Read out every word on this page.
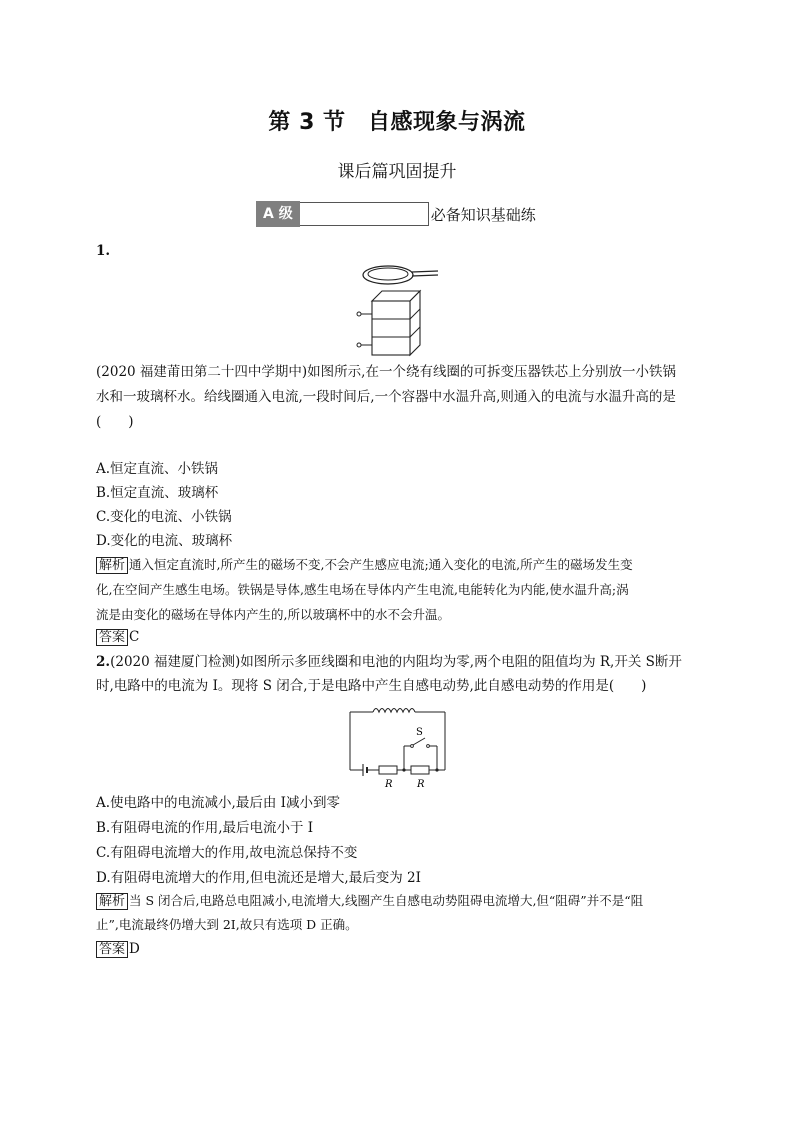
第 3 节　自感现象与涡流
课后篇巩固提升
A 级	必备知识基础练
1.
(2020 福建莆田第二十四中学期中)如图所示,在一个绕有线圈的可拆变压器铁芯上分别放一小铁锅
水和一玻璃杯水。给线圈通入电流,一段时间后,一个容器中水温升高,则通入的电流与水温升高的是
(　　)
A.恒定直流、小铁锅
B.恒定直流、玻璃杯
C.变化的电流、小铁锅
D.变化的电流、玻璃杯
解析 通入恒定直流时,所产生的磁场不变,不会产生感应电流;通入变化的电流,所产生的磁场发生变
化,在空间产生感生电场。铁锅是导体,感生电场在导体内产生电流,电能转化为内能,使水温升高;涡
流是由变化的磁场在导体内产生的,所以玻璃杯中的水不会升温。
答案 C
2.(2020 福建厦门检测)如图所示多匝线圈和电池的内阻均为零,两个电阻的阻值均为 R,开关 S断开
时,电路中的电流为 I。现将 S 闭合,于是电路中产生自感电动势,此自感电动势的作用是(　　)
S
R R
A.使电路中的电流减小,最后由 I减小到零
B.有阻碍电流的作用,最后电流小于 I
C.有阻碍电流增大的作用,故电流总保持不变
D.有阻碍电流增大的作用,但电流还是增大,最后变为 2I
解析 当 S 闭合后,电路总电阻减小,电流增大,线圈产生自感电动势阻碍电流增大,但“阻碍”并不是“阻
止”,电流最终仍增大到 2I,故只有选项 D 正确。
答案 D
